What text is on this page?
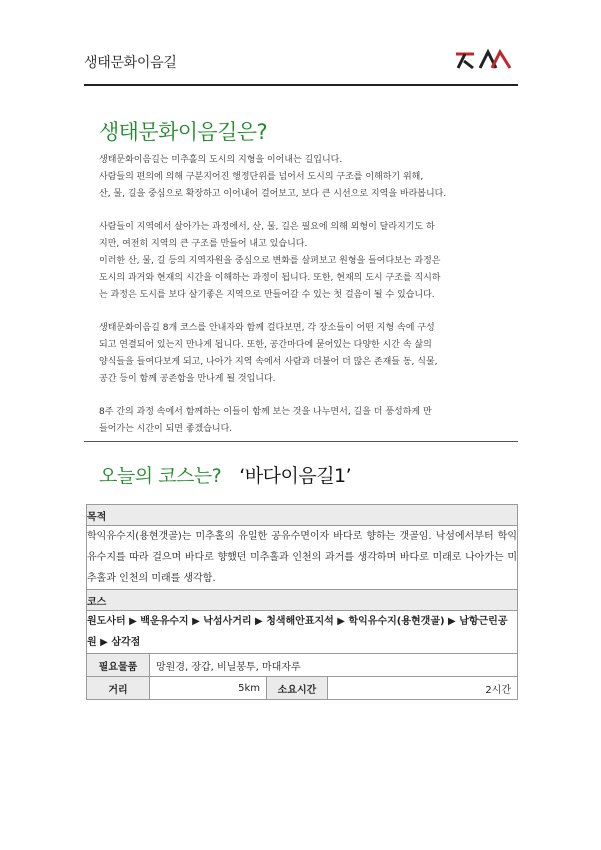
생태문화이음길
생태문화이음길은?

생태문화이음길는 미추홀의 도시의 지형을 이어내는 길입니다.
사람들의 편의에 의해 구분지어진 행정단위를 넘어서 도시의 구조를 이해하기 위해,
산, 물, 길을 중심으로 확장하고 이어내어 걸어보고, 보다 큰 시선으로 지역을 바라봅니다.

사람들이 지역에서 살아가는 과정에서, 산, 물, 길은 필요에 의해 외형이 달라지기도 하
지만, 여전히 지역의 큰 구조를 만들어 내고 있습니다.
이러한 산, 물, 길 등의 지역자원을 중심으로 변화를 살펴보고 원형을 들여다보는 과정은
도시의 과거와 현재의 시간을 이해하는 과정이 됩니다. 또한, 현재의 도시 구조를 직시하
는 과정은 도시를 보다 살기좋은 지역으로 만들어갈 수 있는 첫 걸음이 될 수 있습니다.

생태문화이음길 8개 코스를 안내자와 함께 걸다보면, 각 장소들이 어떤 지형 속에 구성
되고 연결되어 있는지 만나게 됩니다. 또한, 공간마다에 묻어있는 다양한 시간 속 삶의
양식들을 들여다보게 되고, 나아가 지역 속에서 사람과 더불어 더 많은 존재들 동, 식물,
공간 등이 함께 공존함을 만나게 될 것입니다.

8주 간의 과정 속에서 함께하는 이들이 함께 보는 것을 나누면서, 길을 더 풍성하게 만
들어가는 시간이 되면 좋겠습니다.

오늘의 코스는? ‘바다이음길1’
목적			
학익유수지(용현갯골)는 미추홀의 유일한 공유수면이자 바다로 향하는 갯골임. 낙섬에서부터 학익유수지를 따라 걸으며 바다로 향했던 미추홀과 인천의 과거를 생각하며 바다로 미래로 나아가는 미추홀과 인천의 미래를 생각함.			
코스			
원도사터 ▶ 백운유수지 ▶ 낙섬사거리 ▶ 청색해안표지석 ▶ 학익유수지(용현갯골) ▶ 남항근린공원 ▶ 삼각점			
필요물품	망원경, 장갑, 비닐봉투, 마대자루		
거리	5km	소요시간	2시간
